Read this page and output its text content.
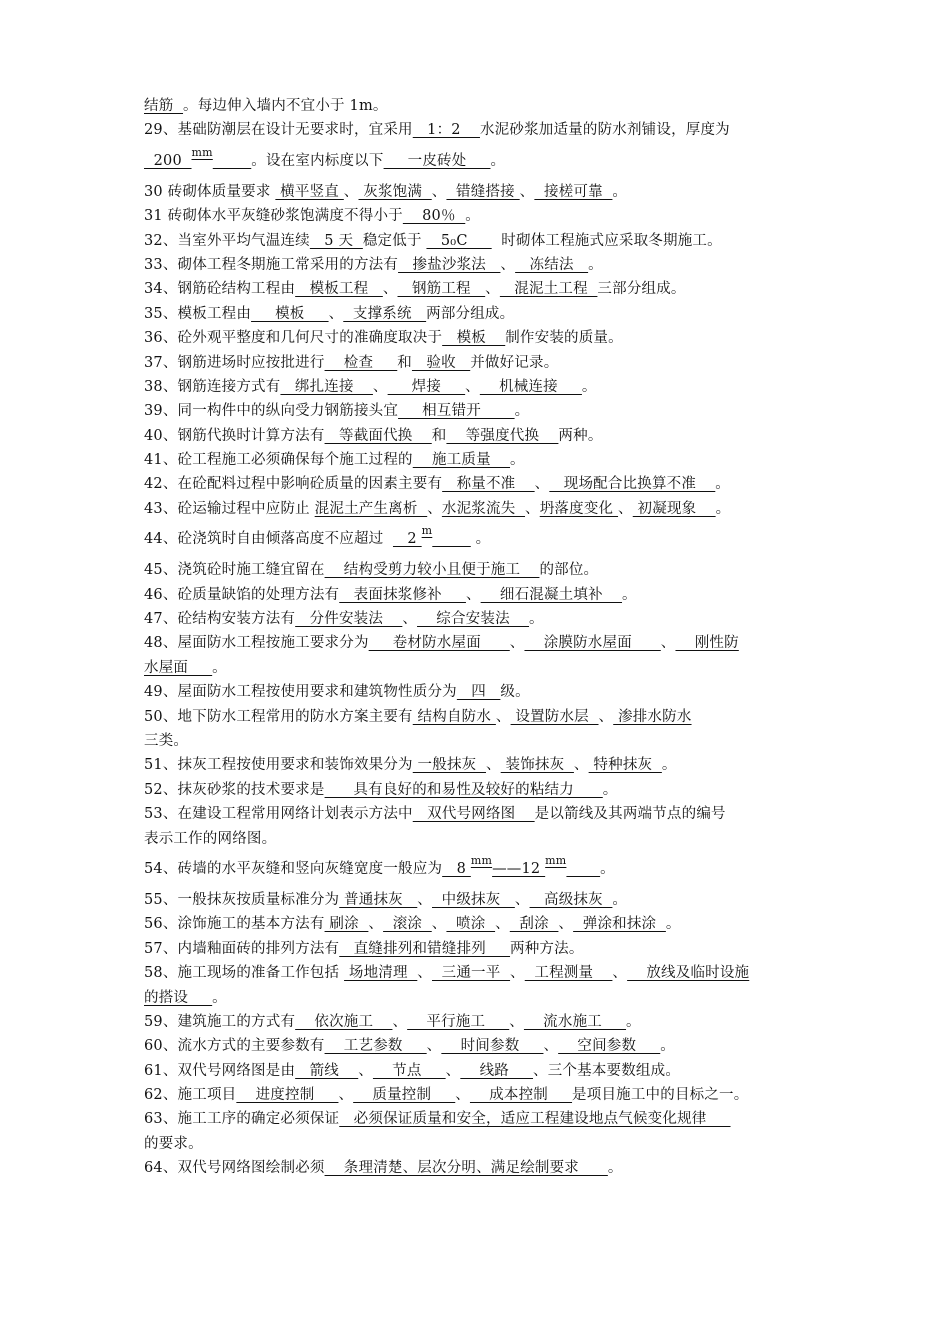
结筋  。每边伸入墙内不宜小于 1m。
29、基础防潮层在设计无要求时，宜采用   1：2    水泥砂浆加适量的防水剂铺设，厚度为
200  $^{mm}$        。设在室内标度以下     一皮砖处     。
30 砖砌体质量要求  横平竖直 、 灰浆饱满  、  错缝搭接 、  接槎可靠  。
31 砖砌体水平灰缝砂浆饱满度不得小于    80％  。
32、当室外平均气温连续   5 天  稳定低于    5₀C       时砌体工程施式应采取冬期施工。
33、砌体工程冬期施工常采用的方法有   掺盐沙浆法   、   冻结法   。
34、钢筋砼结构工程由   模板工程   、   钢筋工程   、   混泥土工程  三部分组成。
35、模板工程由     模板     、  支撑系统   两部分组成。
36、砼外观平整度和几何尺寸的准确度取决于   模板    制作安装的质量。
37、钢筋进场时应按批进行    检查     和   验收   并做好记录。
38、钢筋连接方式有   绑扎连接    、     焊接     、    机械连接     。
39、同一构件中的纵向受力钢筋接头宜     相互错开       。
40、钢筋代换时计算方法有   等截面代换    和    等强度代换    两种。
41、砼工程施工必须确保每个施工过程的    施工质量    。
42、在砼配料过程中影响砼质量的因素主要有   称量不准    、   现场配合比换算不准    。
43、砼运输过程中应防止 混泥土产生离析  、水泥浆流失  、坍落度变化 、 初凝现象    。
44、砼浇筑时自由倾落高度不应超过     2 $^m$         。
45、浇筑砼时施工缝宜留在    结构受剪力较小且便于施工    的部位。
46、砼质量缺馅的处理方法有   表面抹浆修补     、    细石混凝土填补    。
47、砼结构安装方法有   分件安装法    、    综合安装法    。
48、屋面防水工程按施工要求分为     卷材防水屋面      、    涂膜防水屋面      、    刚性防
水屋面     。
49、屋面防水工程按使用要求和建筑物性质分为   四   级。
50、地下防水工程常用的防水方案主要有 结构自防水 、 设置防水层  、 渗排水防水
三类。
51、抹灰工程按使用要求和装饰效果分为 一般抹灰  、 装饰抹灰  、 特种抹灰  。
52、抹灰砂浆的技术要求是      具有良好的和易性及较好的粘结力      。
53、在建设工程常用网络计划表示方法中   双代号网络图    是以箭线及其两端节点的编号
表示工作的网络图。
54、砖墙的水平灰缝和竖向灰缝宽度一般应为   8 $^{mm}$——12 $^{mm}$       。
55、一般抹灰按质量标准分为 普通抹灰   、  中级抹灰   、   高级抹灰  。
56、涂饰施工的基本方法有 刷涂  、  滚涂  、  喷涂  、  刮涂  、  弹涂和抹涂  。
57、内墙釉面砖的排列方法有   直缝排列和错缝排列     两种方法。
58、施工现场的准备工作包括  场地清理  、  三通一平  、  工程测量    、    放线及临时设施
的搭设     。
59、建筑施工的方式有    依次施工    、    平行施工     、    流水施工     。
60、流水方式的主要参数有    工艺参数     、    时间参数     、    空间参数     。
61、双代号网络图是由   箭线    、    节点     、    线路     、三个基本要数组成。
62、施工项目    进度控制     、    质量控制     、    成本控制     是项目施工中的目标之一。
63、施工工序的确定必须保证   必须保证质量和安全，适应工程建设地点气候变化规律
的要求。
64、双代号网络图绘制必须    条理清楚、层次分明、满足绘制要求      。
